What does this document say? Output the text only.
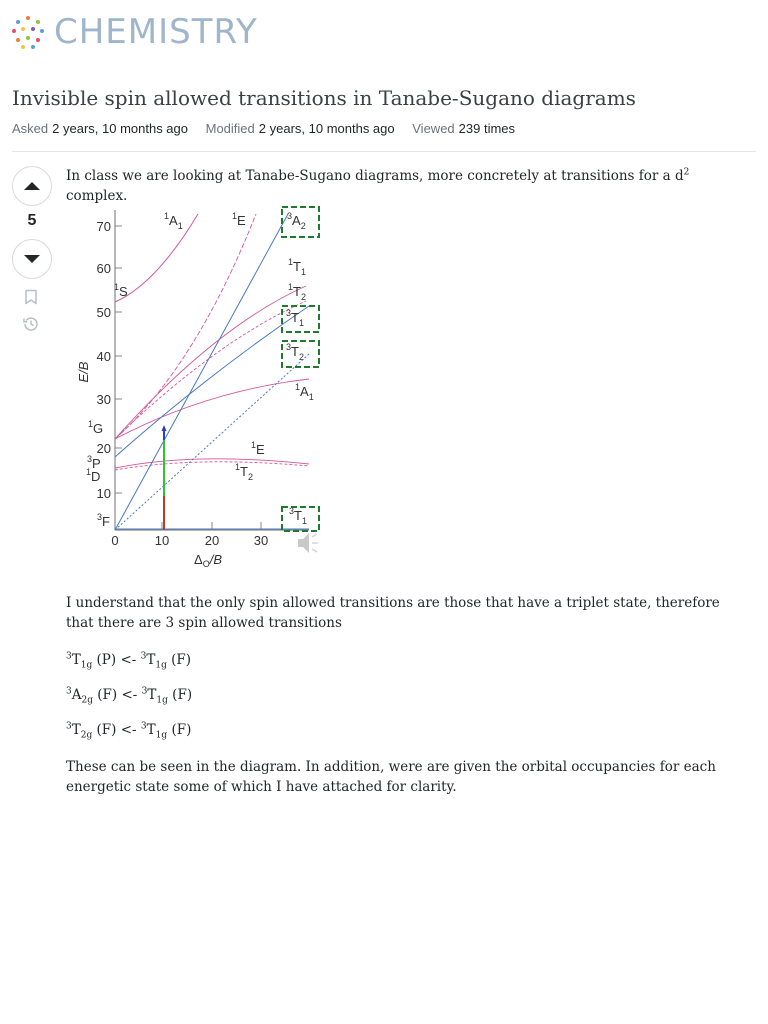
CHEMISTRY
Invisible spin allowed transitions in Tanabe-Sugano diagrams
Asked 2 years, 10 months ago Modified 2 years, 10 months ago Viewed 239 times
5

In class we are looking at Tanabe-Sugano diagrams, more concretely at transitions for a $d^2$ complex.

70
60
50
40
30
20
10
0	10	20	30
E/B
$\Delta_O/B$
$^1$S
$^1$G
$^3$P
$^1$D
$^3$F
$^1A_1$
$^1$E	$^3A_2$
$^1T_1$
$^1T_2$
$^3T_1$
$^3T_2$
$^1A_1$
$^1$E
$^1T_2$
$^3T_1$

I understand that the only spin allowed transitions are those that have a triplet state, therefore that there are 3 spin allowed transitions

$^3T_{1g}$ $(P) <- ^3T_{1g}$ (F)

$^3A_{2g}$ $(F) <- ^3T_{1g}$ (F)

$^3T_{2g}$ $(F) <- ^3T_{1g}$ (F)

These can be seen in the diagram. In addition, were are given the orbital occupancies for each energetic state some of which I have attached for clarity.
